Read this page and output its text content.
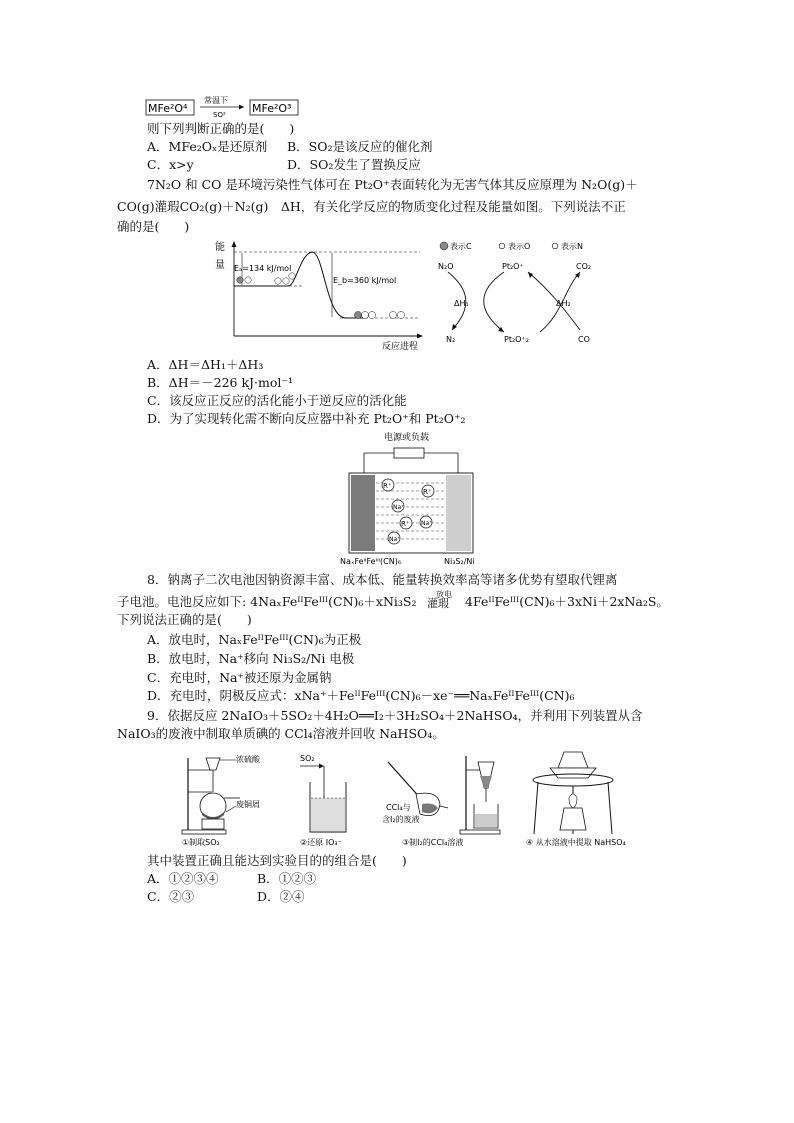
MFe²O⁴
常温下
SO² MFe²O³
则下列判断正确的是(　　)
A．MFe₂Oₓ是还原剂 B．SO₂是该反应的催化剂
C．x>y	D．SO₂发生了置换反应
7N₂O 和 CO 是环境污染性气体可在 Pt₂O⁺表面转化为无害气体其反应原理为 N₂O(g)＋
CO(g)灌瑕CO₂(g)＋N₂(g)　ΔH，有关化学反应的物质变化过程及能量如图。下列说法不正
确的是(　　)
能
量 Eₐ=134 kJ/mol
E_b=360 kJ/mol
反应进程
表示C	表示O	表示N
N₂O	Pt₂O⁺	CO₂
ΔH₁	ΔH₂
N₂	Pt₂O⁺₂	CO
A．ΔH＝ΔH₁＋ΔH₃
B．ΔH＝－226 kJ·mol⁻¹
C．该反应正反应的活化能小于逆反应的活化能
D．为了实现转化需不断向反应器中补充 Pt₂O⁺和 Pt₂O⁺₂
电源或负载
R⁺
R⁺
Na⁺
R⁺ Na⁺
Na⁺
NaₓFeᴵᴵFeᴵᴵᴵ(CN)₆	Ni₃S₂/Ni
8．钠离子二次电池因钠资源丰富、成本低、能量转换效率高等诸多优势有望取代锂离
子电池。电池反应如下: 4NaₓFeᴵᴵFeᴵᴵᴵ(CN)₆＋xNi₃S₂ 放电
灌瑕 4FeᴵᴵFeᴵᴵᴵ(CN)₆＋3xNi＋2xNa₂S。
下列说法正确的是(　　)
A．放电时，NaₓFeᴵᴵFeᴵᴵᴵ(CN)₆为正极
B．放电时，Na⁺移向 Ni₃S₂/Ni 电极
C．充电时，Na⁺被还原为金属钠
D．充电时，阴极反应式：xNa⁺＋FeᴵᴵFeᴵᴵᴵ(CN)₆－xe⁻══NaₓFeᴵᴵFeᴵᴵᴵ(CN)₆
9．依据反应 2NaIO₃＋5SO₂＋4H₂O══I₂＋3H₂SO₄＋2NaHSO₄，并利用下列装置从含
NaIO₃的废液中制取单质碘的 CCl₄溶液并回收 NaHSO₄。
浓硫酸
废铜屑
①制取SO₂
SO₂
②还原 IO₃⁻
CCl₄与
含I₂的废液
③制I₂的CCl₄溶液	④ 从水溶液中提取 NaHSO₄
其中装置正确且能达到实验目的的组合是(　　)
A．①②③④	B．①②③
C．②③	D．②④
